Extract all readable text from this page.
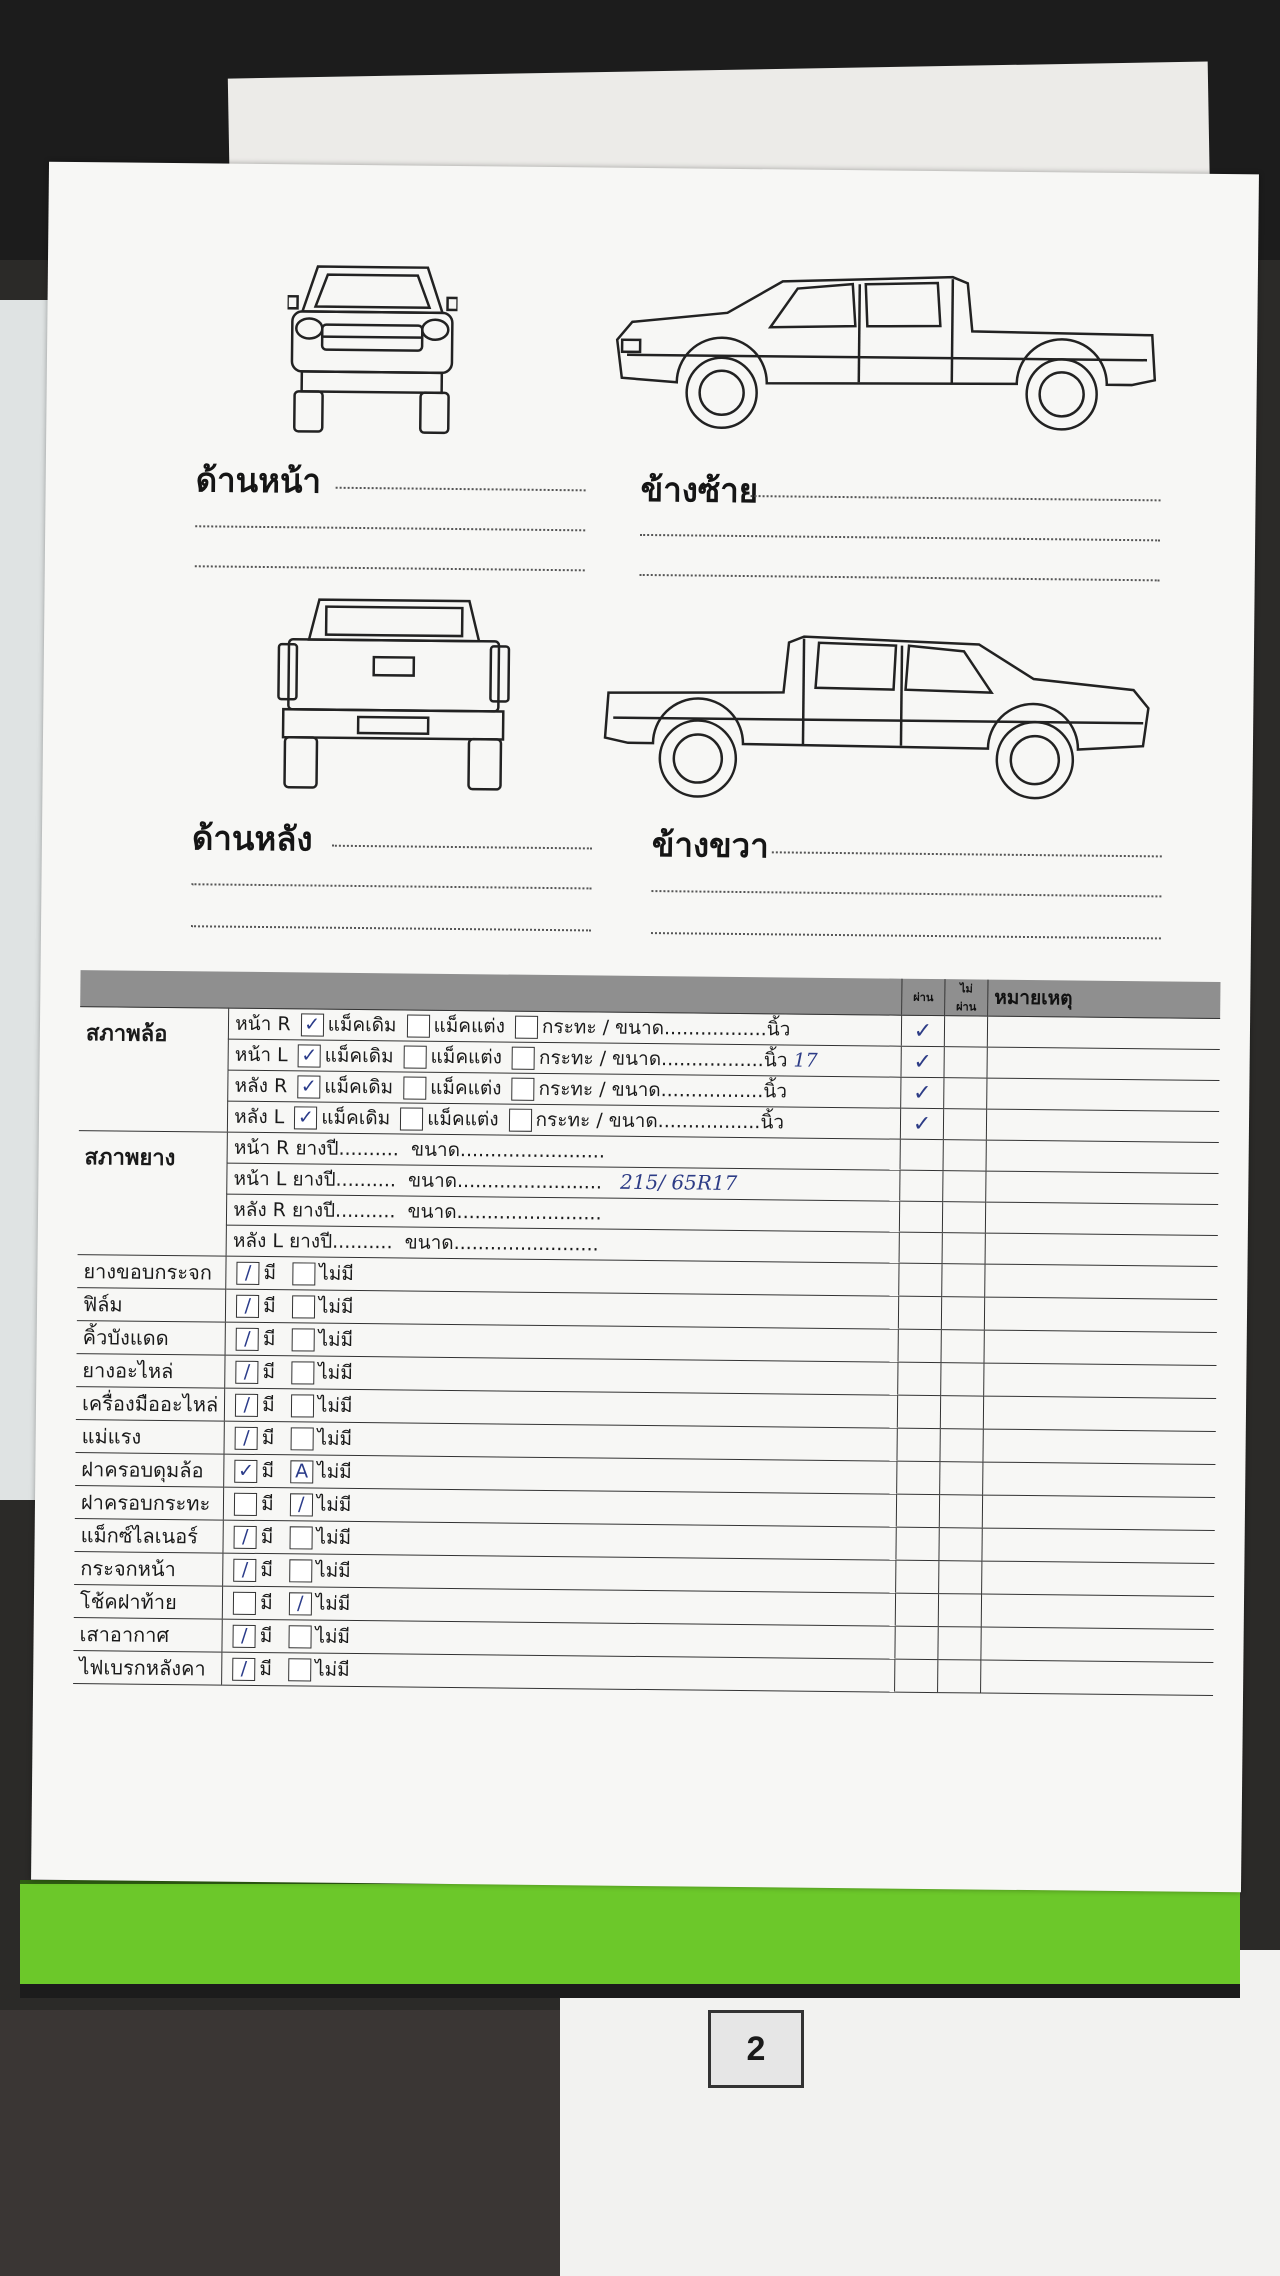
2
ด้านหน้า	ข้างซ้าย
ด้านหลัง	ข้างขวา
		ผ่าน	ไม่ผ่าน	หมายเหตุ
สภาพล้อ	หน้า R ✓ แม็คเดิม แม็คแต่ง กระทะ / ขนาด.................นิ้ว	✓		
	หน้า L ✓ แม็คเดิม แม็คแต่ง กระทะ / ขนาด.................นิ้ว 17	✓		
	หลัง R ✓ แม็คเดิม แม็คแต่ง กระทะ / ขนาด.................นิ้ว	✓		
	หลัง L ✓ แม็คเดิม แม็คแต่ง กระทะ / ขนาด.................นิ้ว	✓		
สภาพยาง	หน้า R ยางปี.......... ขนาด........................			
	หน้า L ยางปี.......... ขนาด........................ 215/ 65R17			
	หลัง R ยางปี.......... ขนาด........................			
	หลัง L ยางปี.......... ขนาด........................			
ยางขอบกระจก	/ มี ไม่มี			
ฟิล์ม	/ มี ไม่มี			
คิ้วบังแดด	/ มี ไม่มี			
ยางอะไหล่	/ มี ไม่มี			
เครื่องมืออะไหล่	/ มี ไม่มี			
แม่แรง	/ มี ไม่มี			
ฝาครอบดุมล้อ	✓ มี A ไม่มี			
ฝาครอบกระทะ	มี / ไม่มี			
แม็กซ์ไลเนอร์	/ มี ไม่มี			
กระจกหน้า	/ มี ไม่มี			
โช้คฝาท้าย	มี / ไม่มี			
เสาอากาศ	/ มี ไม่มี			
ไฟเบรกหลังคา	/ มี ไม่มี			
